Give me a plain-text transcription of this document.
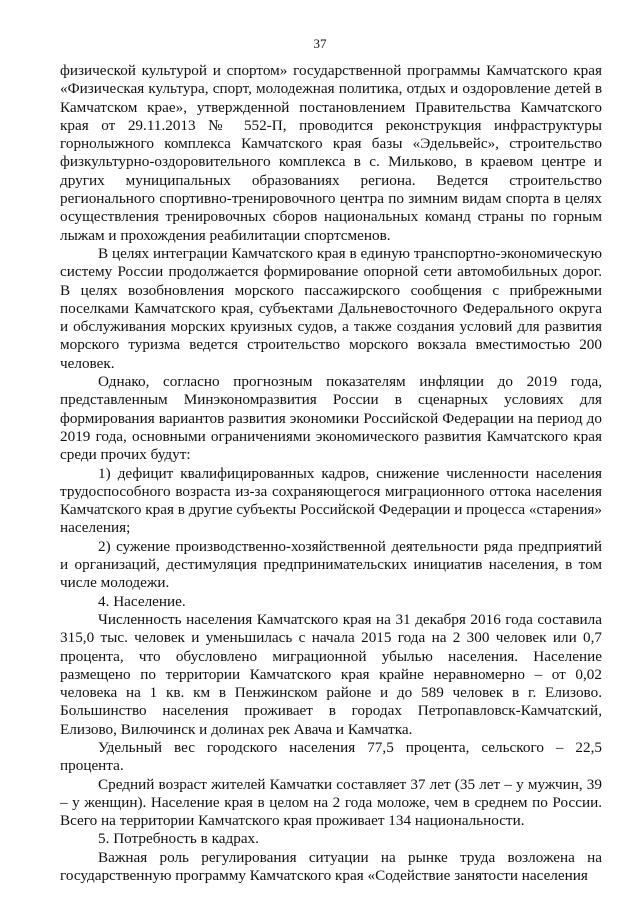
37

физической культурой и спортом» государственной программы Камчатского края «Физическая культура, спорт, молодежная политика, отдых и оздоровление детей в Камчатском крае», утвержденной постановлением Правительства Камчатского края от 29.11.2013 № 552-П, проводится реконструкция инфраструктуры горнолыжного комплекса Камчатского края базы «Эдельвейс», строительство физкультурно-оздоровительного комплекса в с. Мильково, в краевом центре и других муниципальных образованиях региона. Ведется строительство регионального спортивно-тренировочного центра по зимним видам спорта в целях осуществления тренировочных сборов национальных команд страны по горным лыжам и прохождения реабилитации спортсменов.

В целях интеграции Камчатского края в единую транспортно-экономическую систему России продолжается формирование опорной сети автомобильных дорог. В целях возобновления морского пассажирского сообщения с прибрежными поселками Камчатского края, субъектами Дальневосточного Федерального округа и обслуживания морских круизных судов, а также создания условий для развития морского туризма ведется строительство морского вокзала вместимостью 200 человек.

Однако, согласно прогнозным показателям инфляции до 2019 года, представленным Минэкономразвития России в сценарных условиях для формирования вариантов развития экономики Российской Федерации на период до 2019 года, основными ограничениями экономического развития Камчатского края среди прочих будут:

1) дефицит квалифицированных кадров, снижение численности населения трудоспособного возраста из-за сохраняющегося миграционного оттока населения Камчатского края в другие субъекты Российской Федерации и процесса «старения» населения;

2) сужение производственно-хозяйственной деятельности ряда предприятий и организаций, дестимуляция предпринимательских инициатив населения, в том числе молодежи.

4. Население.

Численность населения Камчатского края на 31 декабря 2016 года составила 315,0 тыс. человек и уменьшилась с начала 2015 года на 2 300 человек или 0,7 процента, что обусловлено миграционной убылью населения. Население размещено по территории Камчатского края крайне неравномерно – от 0,02 человека на 1 кв. км в Пенжинском районе и до 589 человек в г. Елизово. Большинство населения проживает в городах Петропавловск-Камчатский, Елизово, Вилючинск и долинах рек Авача и Камчатка.

Удельный вес городского населения 77,5 процента, сельского – 22,5 процента.

Средний возраст жителей Камчатки составляет 37 лет (35 лет – у мужчин, 39 – у женщин). Население края в целом на 2 года моложе, чем в среднем по России. Всего на территории Камчатского края проживает 134 национальности.

5. Потребность в кадрах.

Важная роль регулирования ситуации на рынке труда возложена на государственную программу Камчатского края «Содействие занятости населения
